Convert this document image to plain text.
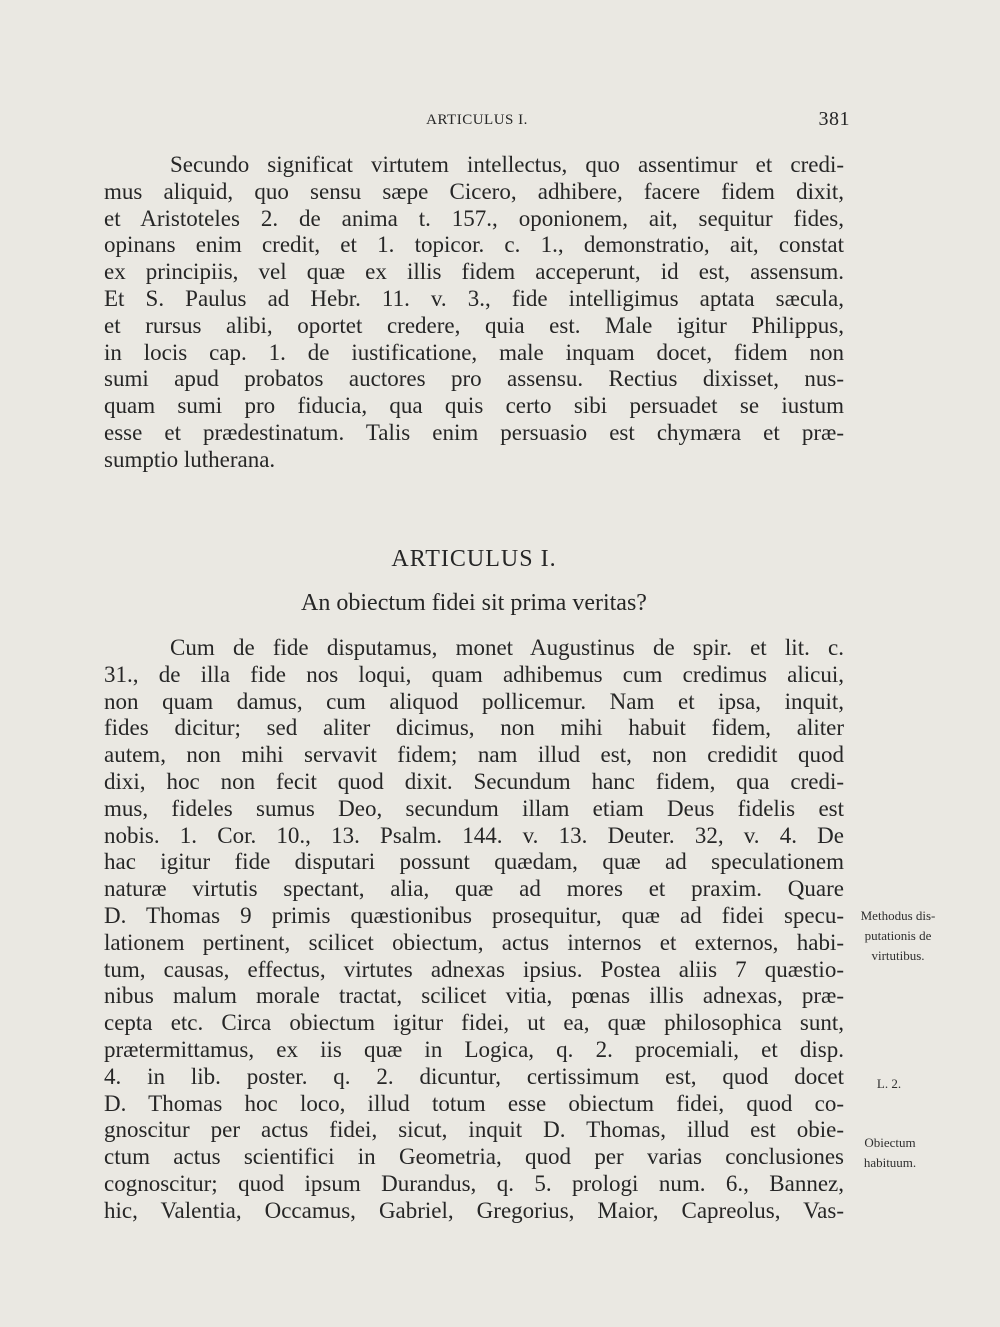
ARTICULUS I.	381
Secundo significat virtutem intellectus, quo assentimur et credi-
mus aliquid, quo sensu sæpe Cicero, adhibere, facere fidem dixit,
et Aristoteles 2. de anima t. 157., oponionem, ait, sequitur fides,
opinans enim credit, et 1. topicor. c. 1., demonstratio, ait, constat
ex principiis, vel quæ ex illis fidem acceperunt, id est, assensum.
Et S. Paulus ad Hebr. 11. v. 3., fide intelligimus aptata sæcula,
et rursus alibi, oportet credere, quia est. Male igitur Philippus,
in locis cap. 1. de iustificatione, male inquam docet, fidem non
sumi apud probatos auctores pro assensu. Rectius dixisset, nus-
quam sumi pro fiducia, qua quis certo sibi persuadet se iustum
esse et prædestinatum. Talis enim persuasio est chymæra et præ-
sumptio lutherana.
ARTICULUS I.
An obiectum fidei sit prima veritas?
Cum de fide disputamus, monet Augustinus de spir. et lit. c.
31., de illa fide nos loqui, quam adhibemus cum credimus alicui,
non quam damus, cum aliquod pollicemur. Nam et ipsa, inquit,
fides dicitur; sed aliter dicimus, non mihi habuit fidem, aliter
autem, non mihi servavit fidem; nam illud est, non credidit quod
dixi, hoc non fecit quod dixit. Secundum hanc fidem, qua credi-
mus, fideles sumus Deo, secundum illam etiam Deus fidelis est
nobis. 1. Cor. 10., 13. Psalm. 144. v. 13. Deuter. 32, v. 4. De
hac igitur fide disputari possunt quædam, quæ ad speculationem
naturæ virtutis spectant, alia, quæ ad mores et praxim. Quare
D. Thomas 9 primis quæstionibus prosequitur, quæ ad fidei specu-
lationem pertinent, scilicet obiectum, actus internos et externos, habi-
tum, causas, effectus, virtutes adnexas ipsius. Postea aliis 7 quæstio-
nibus malum morale tractat, scilicet vitia, pœnas illis adnexas, præ-
cepta etc. Circa obiectum igitur fidei, ut ea, quæ philosophica sunt,
prætermittamus, ex iis quæ in Logica, q. 2. procemiali, et disp.
4. in lib. poster. q. 2. dicuntur, certissimum est, quod docet
D. Thomas hoc loco, illud totum esse obiectum fidei, quod co-
gnoscitur per actus fidei, sicut, inquit D. Thomas, illud est obie-
ctum actus scientifici in Geometria, quod per varias conclusiones
cognoscitur; quod ipsum Durandus, q. 5. prologi num. 6., Bannez,
hic, Valentia, Occamus, Gabriel, Gregorius, Maior, Capreolus, Vas-
Methodus dis-
putationis de
virtutibus.
L. 2.
Obiectum
habituum.
